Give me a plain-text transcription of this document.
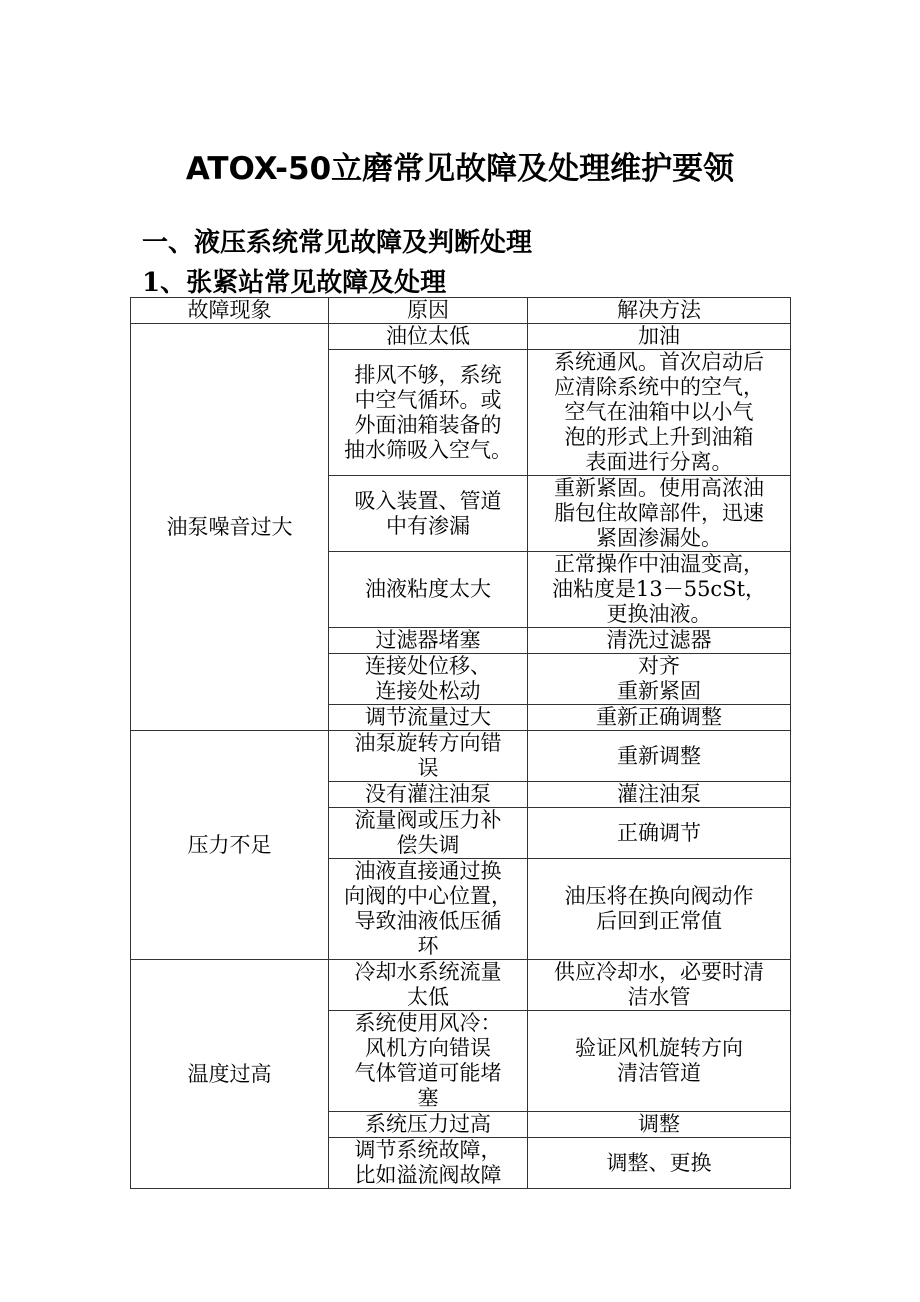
ATOX-50立磨常见故障及处理维护要领
一、液压系统常见故障及判断处理
1、张紧站常见故障及处理
故障现象	原因	解决方法
油泵噪音过大	油位太低	加油
	排风不够，系统
中空气循环。或
外面油箱装备的
抽水筛吸入空气。	系统通风。首次启动后
应清除系统中的空气，
空气在油箱中以小气
泡的形式上升到油箱
表面进行分离。
	吸入装置、管道
中有渗漏	重新紧固。使用高浓油
脂包住故障部件，迅速
紧固渗漏处。
	油液粘度太大	正常操作中油温变高，
油粘度是13－55cSt，
更换油液。
	过滤器堵塞	清洗过滤器
	连接处位移、
连接处松动	对齐
重新紧固
	调节流量过大	重新正确调整
压力不足	油泵旋转方向错
误	重新调整
	没有灌注油泵	灌注油泵
	流量阀或压力补
偿失调	正确调节
	油液直接通过换
向阀的中心位置，
导致油液低压循
环	油压将在换向阀动作
后回到正常值
温度过高	冷却水系统流量
太低	供应冷却水，必要时清
洁水管
	系统使用风冷：
风机方向错误
气体管道可能堵
塞	验证风机旋转方向
清洁管道
	系统压力过高	调整
	调节系统故障，
比如溢流阀故障	调整、更换
